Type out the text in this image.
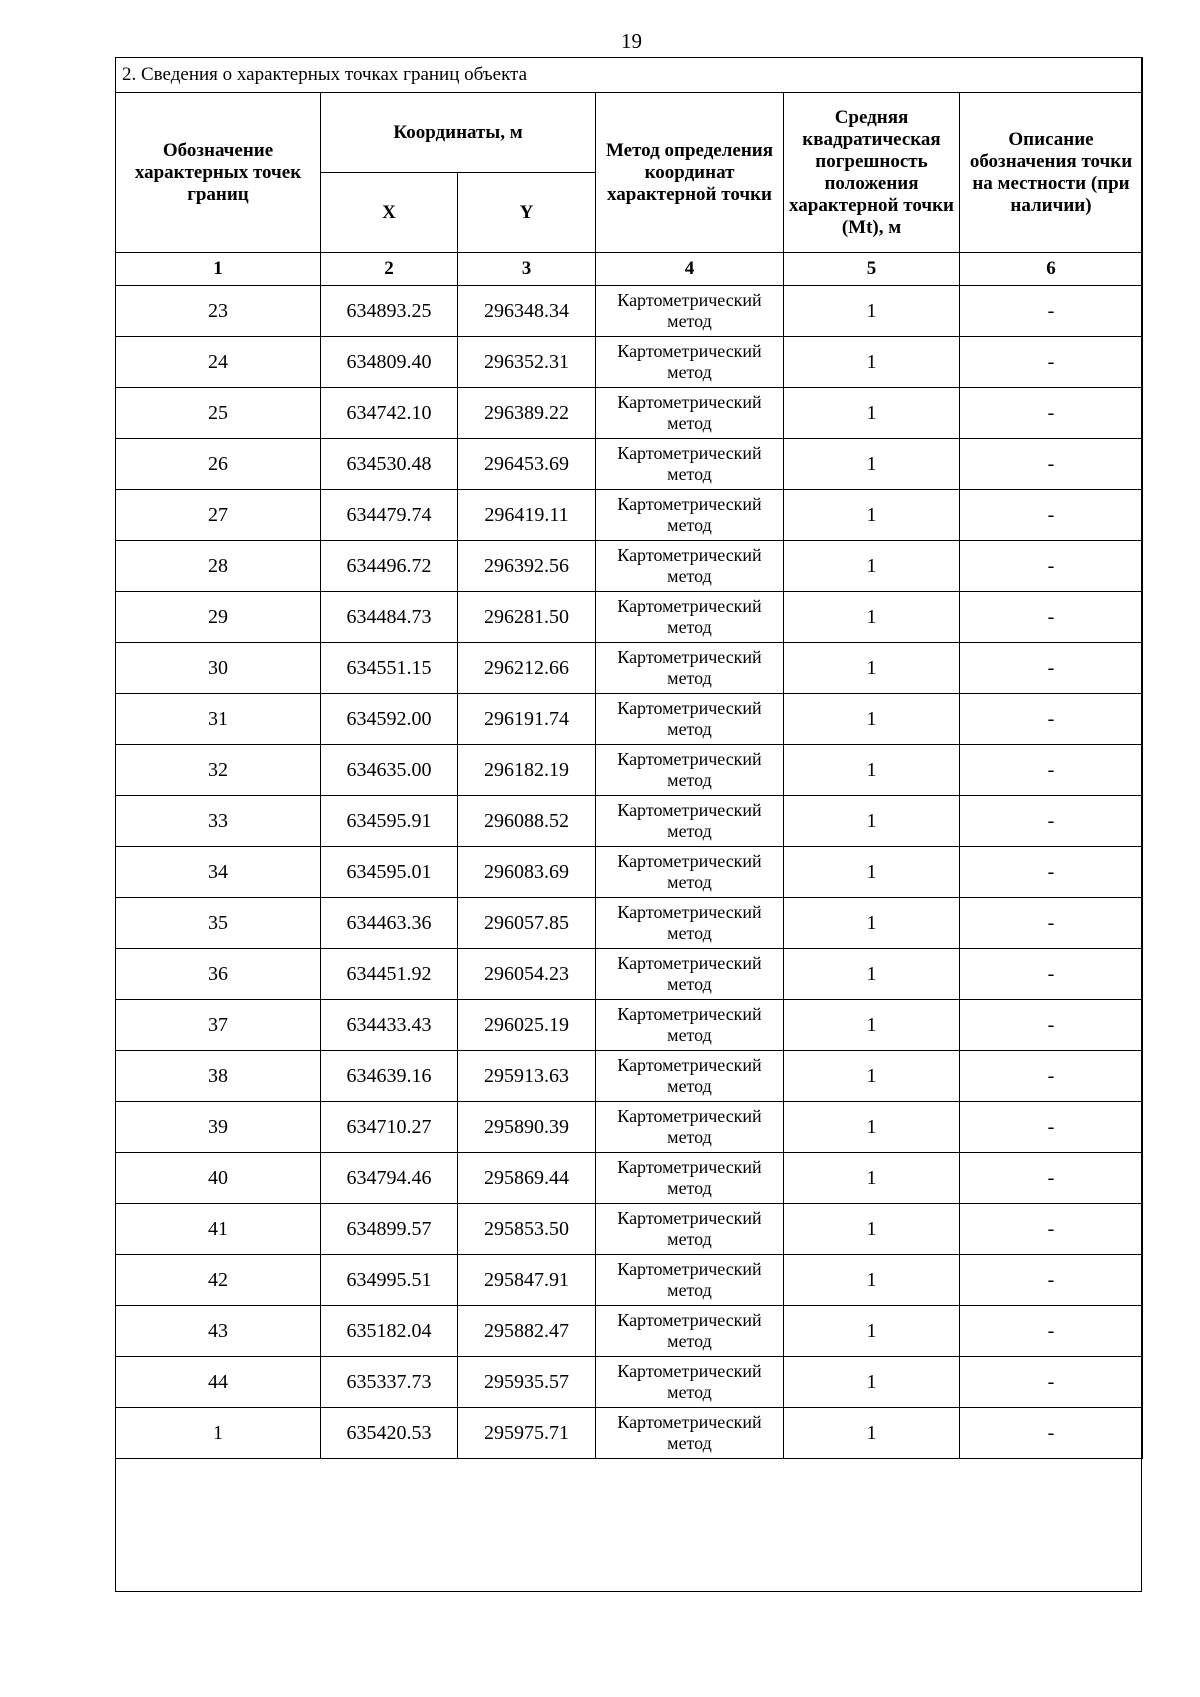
19
2. Сведения о характерных точках границ объекта					
Обозначение характерных точек границ	Координаты, м		Метод определения координат характерной точки	Средняя квадратическая погрешность положения характерной точки (Mt), м	Описание обозначения точки на местности (при наличии)
	X	Y			
1	2	3	4	5	6
23	634893.25	296348.34	Картометрический метод	1	-
24	634809.40	296352.31	Картометрический метод	1	-
25	634742.10	296389.22	Картометрический метод	1	-
26	634530.48	296453.69	Картометрический метод	1	-
27	634479.74	296419.11	Картометрический метод	1	-
28	634496.72	296392.56	Картометрический метод	1	-
29	634484.73	296281.50	Картометрический метод	1	-
30	634551.15	296212.66	Картометрический метод	1	-
31	634592.00	296191.74	Картометрический метод	1	-
32	634635.00	296182.19	Картометрический метод	1	-
33	634595.91	296088.52	Картометрический метод	1	-
34	634595.01	296083.69	Картометрический метод	1	-
35	634463.36	296057.85	Картометрический метод	1	-
36	634451.92	296054.23	Картометрический метод	1	-
37	634433.43	296025.19	Картометрический метод	1	-
38	634639.16	295913.63	Картометрический метод	1	-
39	634710.27	295890.39	Картометрический метод	1	-
40	634794.46	295869.44	Картометрический метод	1	-
41	634899.57	295853.50	Картометрический метод	1	-
42	634995.51	295847.91	Картометрический метод	1	-
43	635182.04	295882.47	Картометрический метод	1	-
44	635337.73	295935.57	Картометрический метод	1	-
1	635420.53	295975.71	Картометрический метод	1	-
